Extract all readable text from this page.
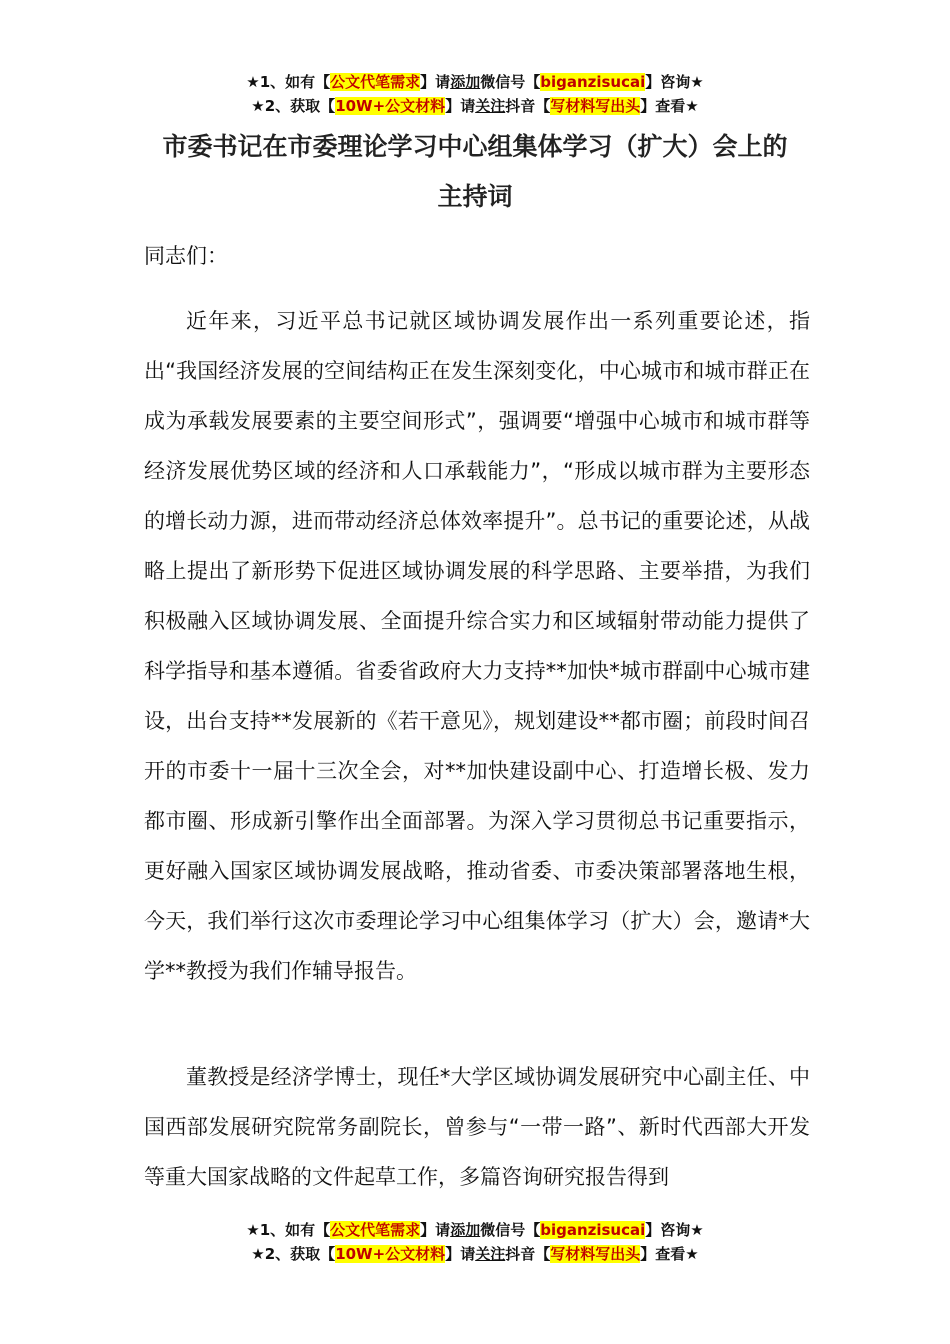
★1、如有【公文代笔需求】请添加微信号【biganzisucai】咨询★
★2、获取【10W+公文材料】请关注抖音【写材料写出头】查看★
市委书记在市委理论学习中心组集体学习（扩大）会上的
主持词
同志们：

近年来，习近平总书记就区域协调发展作出一系列重要论述，指出“我国经济发展的空间结构正在发生深刻变化，中心城市和城市群正在成为承载发展要素的主要空间形式”，强调要“增强中心城市和城市群等经济发展优势区域的经济和人口承载能力”，“形成以城市群为主要形态的增长动力源，进而带动经济总体效率提升”。总书记的重要论述，从战略上提出了新形势下促进区域协调发展的科学思路、主要举措，为我们积极融入区域协调发展、全面提升综合实力和区域辐射带动能力提供了科学指导和基本遵循。省委省政府大力支持**加快*城市群副中心城市建设，出台支持**发展新的《若干意见》，规划建设**都市圈；前段时间召开的市委十一届十三次全会，对**加快建设副中心、打造增长极、发力都市圈、形成新引擎作出全面部署。为深入学习贯彻总书记重要指示，更好融入国家区域协调发展战略，推动省委、市委决策部署落地生根，今天，我们举行这次市委理论学习中心组集体学习（扩大）会，邀请*大学**教授为我们作辅导报告。

董教授是经济学博士，现任*大学区域协调发展研究中心副主任、中国西部发展研究院常务副院长，曾参与“一带一路”、新时代西部大开发等重大国家战略的文件起草工作，多篇咨询研究报告得到

★1、如有【公文代笔需求】请添加微信号【biganzisucai】咨询★
★2、获取【10W+公文材料】请关注抖音【写材料写出头】查看★
